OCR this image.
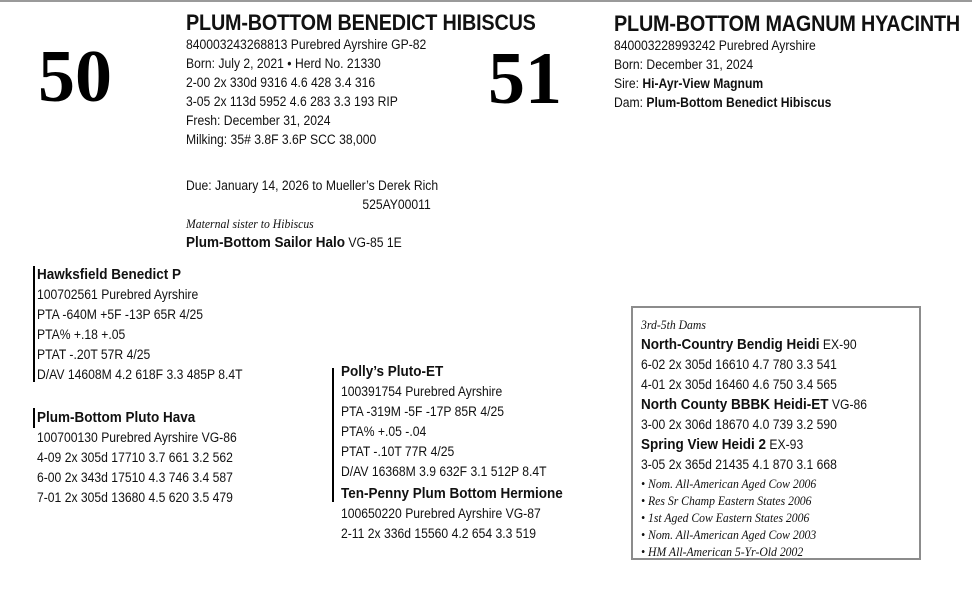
50
PLUM-BOTTOM BENEDICT HIBISCUS
840003243268813 Purebred Ayrshire GP-82
Born: July 2, 2021 • Herd No. 21330
2-00 2x 330d 9316 4.6 428 3.4 316
3-05 2x 113d 5952 4.6 283 3.3 193 RIP
Fresh: December 31, 2024
Milking: 35# 3.8F 3.6P SCC 38,000
Due: January 14, 2026 to Mueller’s Derek Rich
525AY00011
Maternal sister to Hibiscus
Plum-Bottom Sailor Halo VG-85 1E
51
PLUM-BOTTOM MAGNUM HYACINTH
840003228993242 Purebred Ayrshire
Born: December 31, 2024
Sire: Hi-Ayr-View Magnum
Dam: Plum-Bottom Benedict Hibiscus
Hawksfield Benedict P
100702561 Purebred Ayrshire
PTA -640M +5F -13P 65R 4/25
PTA% +.18 +.05
PTAT -.20T 57R 4/25
D/AV 14608M 4.2 618F 3.3 485P 8.4T
Plum-Bottom Pluto Hava
100700130 Purebred Ayrshire VG-86
4-09 2x 305d 17710 3.7 661 3.2 562
6-00 2x 343d 17510 4.3 746 3.4 587
7-01 2x 305d 13680 4.5 620 3.5 479
Polly’s Pluto-ET
100391754 Purebred Ayrshire
PTA -319M -5F -17P 85R 4/25
PTA% +.05 -.04
PTAT -.10T 77R 4/25
D/AV 16368M 3.9 632F 3.1 512P 8.4T
Ten-Penny Plum Bottom Hermione
100650220 Purebred Ayrshire VG-87
2-11 2x 336d 15560 4.2 654 3.3 519
3rd-5th Dams
North-Country Bendig Heidi EX-90
6-02 2x 305d 16610 4.7 780 3.3 541
4-01 2x 305d 16460 4.6 750 3.4 565
North County BBBK Heidi-ET VG-86
3-00 2x 306d 18670 4.0 739 3.2 590
Spring View Heidi 2 EX-93
3-05 2x 365d 21435 4.1 870 3.1 668
• Nom. All-American Aged Cow 2006
• Res Sr Champ Eastern States 2006
• 1st Aged Cow Eastern States 2006
• Nom. All-American Aged Cow 2003
• HM All-American 5-Yr-Old 2002
